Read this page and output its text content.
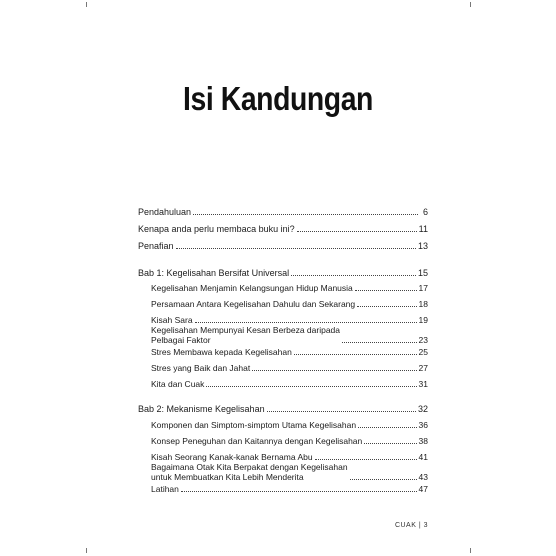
Isi Kandungan
Pendahuluan	6
Kenapa anda perlu membaca buku ini?	11
Penafian	13
Bab 1: Kegelisahan Bersifat Universal	15
Kegelisahan Menjamin Kelangsungan Hidup Manusia	17
Persamaan Antara Kegelisahan Dahulu dan Sekarang	18
Kisah Sara	19
Kegelisahan Mempunyai Kesan Berbeza daripada
Pelbagai Faktor	23
Stres Membawa kepada Kegelisahan	25
Stres yang Baik dan Jahat	27
Kita dan Cuak	31
Bab 2: Mekanisme Kegelisahan	32
Komponen dan Simptom-simptom Utama Kegelisahan	36
Konsep Peneguhan dan Kaitannya dengan Kegelisahan	38
Kisah Seorang Kanak-kanak Bernama Abu	41
Bagaimana Otak Kita Berpakat dengan Kegelisahan
untuk Membuatkan Kita Lebih Menderita	43
Latihan	47
CUAK | 3
